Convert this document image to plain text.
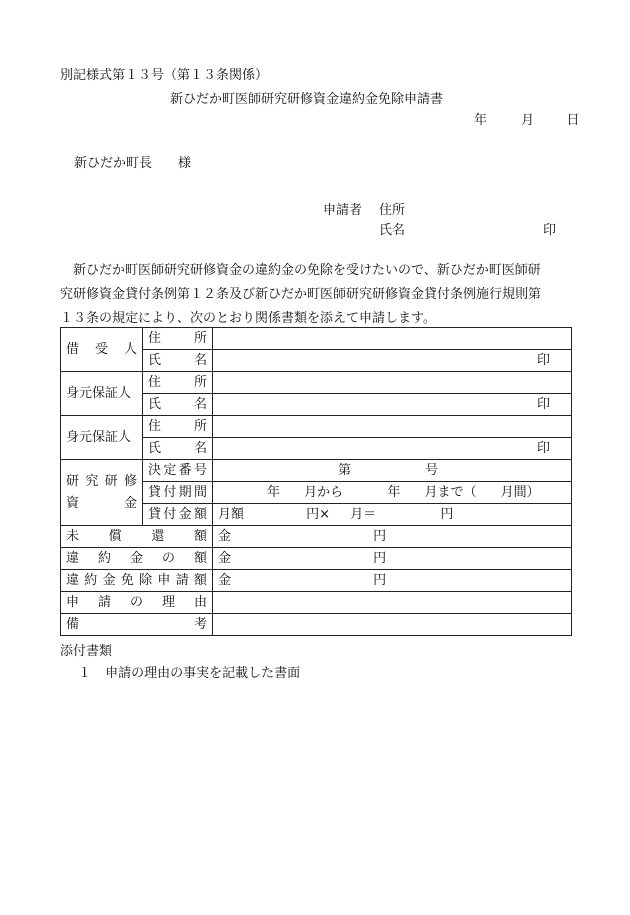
別記様式第１３号（第１３条関係）
新ひだか町医師研究研修資金違約金免除申請書
年	月 日
新ひだか町長　　様
申請者 住所
氏名	印
　新ひだか町医師研究研修資金の違約金の免除を受けたいので、新ひだか町医師研
究研修資金貸付条例第１２条及び新ひだか町医師研究研修資金貸付条例施行規則第
１３条の規定により、次のとおり関係書類を添えて申請します。
借　受　人	住　所	

	氏　名	印

身元保証人	住　所	

	氏　名	印

身元保証人	住　所	

	氏　名	印

研究研修
資　　金	決定番号	第 号

	貸付期間	年 月から 年 月まで（ 月間）

	貸付金額	月額 円× 月＝ 円

未　償　還　額		金 円

違　約　金　の　額		金 円

違約金免除申請額		金 円

申　請　の　理　由		

備　　　　考		

添付書類
１ 申請の理由の事実を記載した書面
